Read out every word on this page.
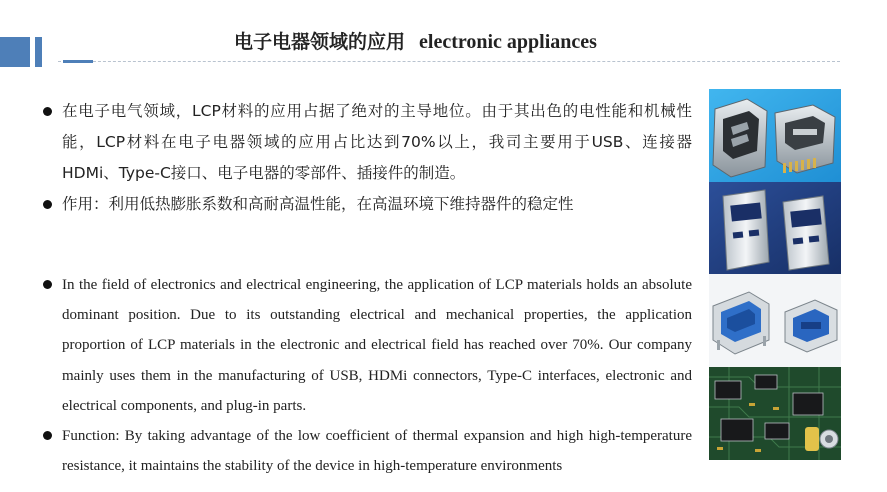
电子电器领域的应用 electronic appliances
在电子电气领域，LCP材料的应用占据了绝对的主导地位。由于其出色的电性能和机械性能，LCP材料在电子电器领域的应用占比达到70%以上，我司主要用于USB、连接器HDMi、Type-C接口、电子电器的零部件、插接件的制造。
作用：利用低热膨胀系数和高耐高温性能，在高温环境下维持器件的稳定性
In the field of electronics and electrical engineering, the application of LCP materials holds an absolute dominant position. Due to its outstanding electrical and mechanical properties, the application proportion of LCP materials in the electronic and electrical field has reached over 70%. Our company mainly uses them in the manufacturing of USB, HDMi connectors, Type-C interfaces, electronic and electrical components, and plug-in parts.
Function: By taking advantage of the low coefficient of thermal expansion and high high-temperature resistance, it maintains the stability of the device in high-temperature environments
